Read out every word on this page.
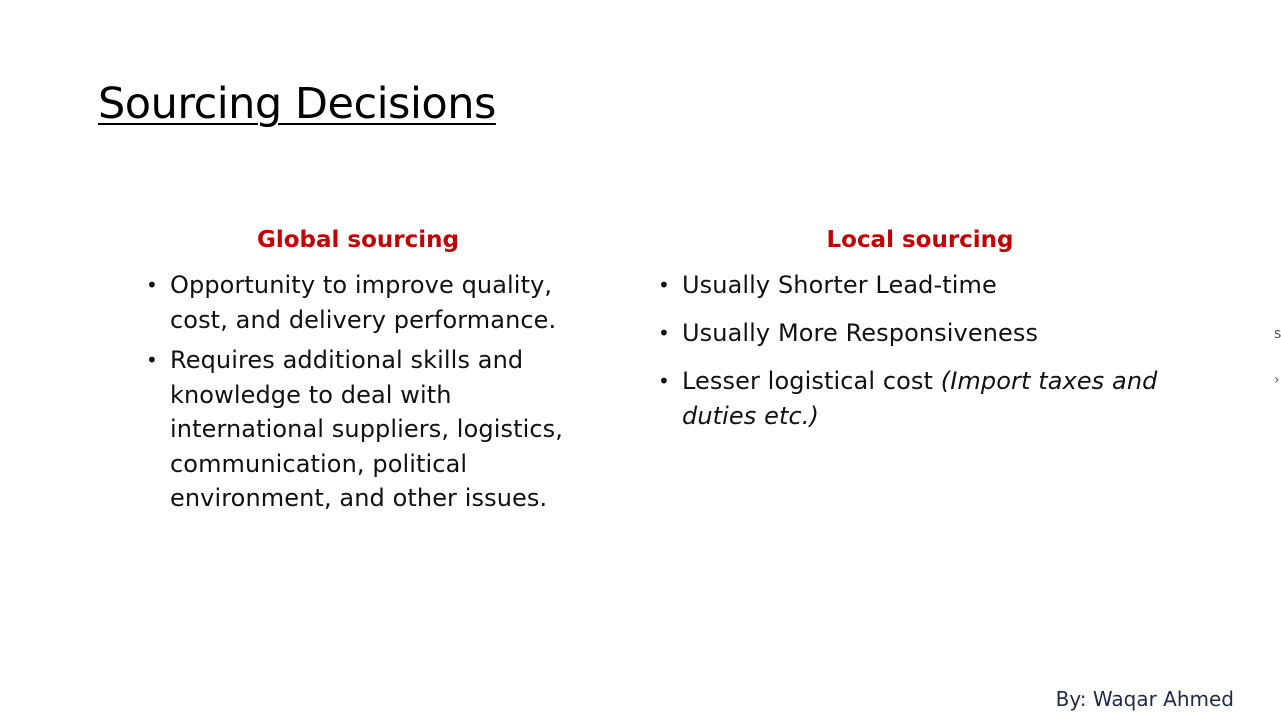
Sourcing Decisions
Global sourcing
• Opportunity to improve quality, cost, and delivery performance.
• Requires additional skills and knowledge to deal with international suppliers, logistics, communication, political environment, and other issues.
Local sourcing
• Usually Shorter Lead-time
• Usually More Responsiveness
• Lesser logistical cost (Import taxes and duties etc.)
By: Waqar Ahmed
s
›
